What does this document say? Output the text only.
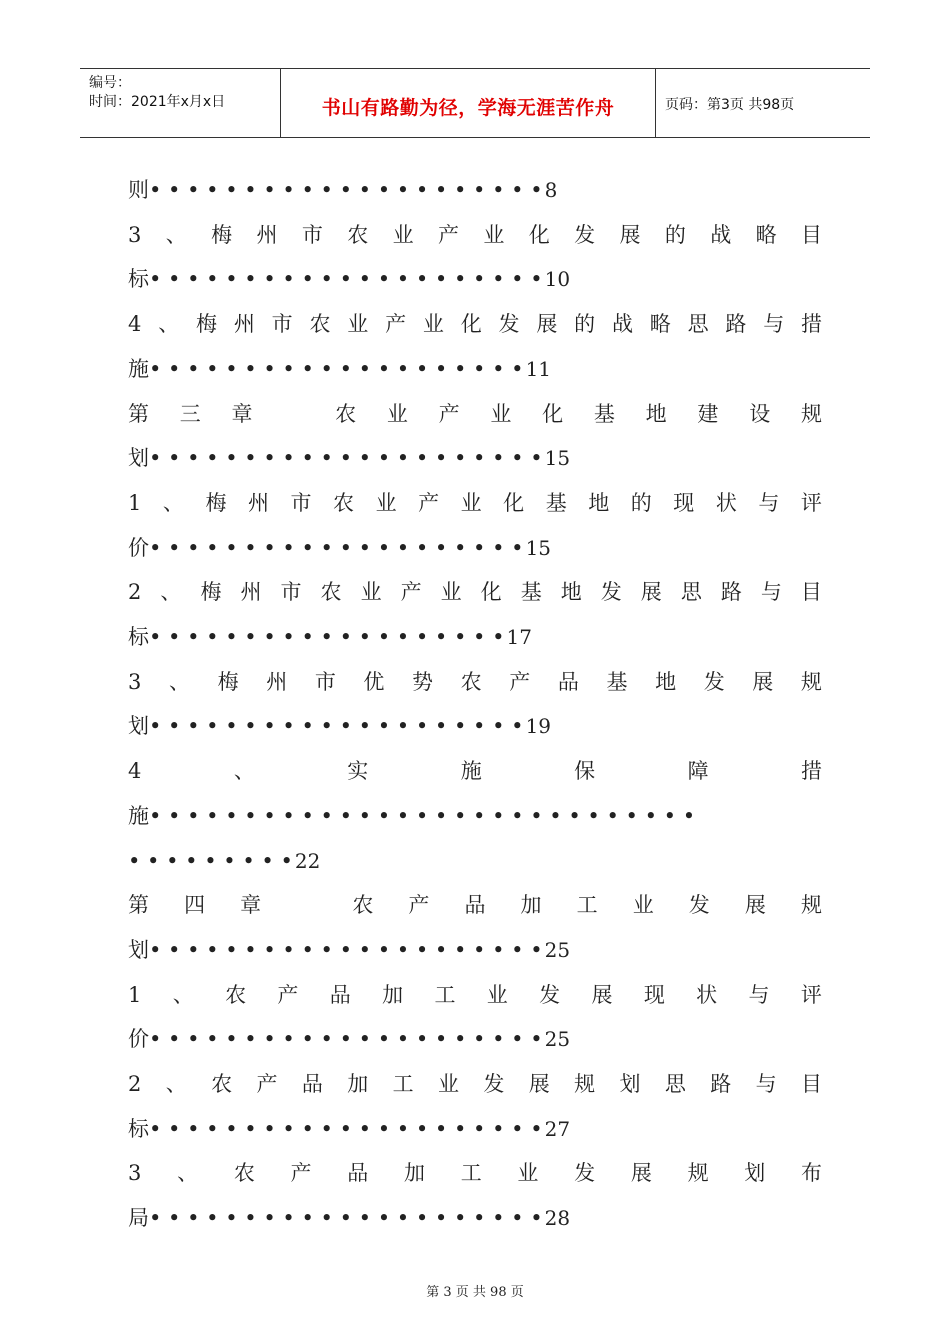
编号：
时间：2021年x月x日	书山有路勤为径，学海无涯苦作舟	页码：第3页 共98页
则 • • • • • • • • • • • • • • • • • • • • • 8
3 、 梅 州 市 农 业 产 业 化 发 展 的 战 略 目
标 • • • • • • • • • • • • • • • • • • • • • 10
4 、 梅 州 市 农 业 产 业 化 发 展 的 战 略 思 路 与 措
施 • • • • • • • • • • • • • • • • • • • • 11
第 三 章
　	农 业 产 业 化 基 地 建 设 规
划 • • • • • • • • • • • • • • • • • • • • • 15
1 、 梅 州 市 农 业 产 业 化 基 地 的 现 状 与 评
价 • • • • • • • • • • • • • • • • • • • • 15
2 、 梅 州 市 农 业 产 业 化 基 地 发 展 思 路 与 目
标 • • • • • • • • • • • • • • • • • • • 17
3 、 梅 州 市 优 势 农 产 品 基 地 发 展 规
划 • • • • • • • • • • • • • • • • • • • • 19
4	、	实	施	保	障	措
施 • • • • • • • • • • • • • • • • • • • • • • • • • • • • •
• • • • • • • • • 22
第 四 章
　	农 产 品 加 工 业 发 展 规
划 • • • • • • • • • • • • • • • • • • • • • 25
1 、 农 产 品 加 工 业 发 展 现 状 与 评
价 • • • • • • • • • • • • • • • • • • • • • 25
2 、 农 产 品 加 工 业 发 展 规 划 思 路 与 目
标 • • • • • • • • • • • • • • • • • • • • • 27
3 、 农 产 品 加 工 业 发 展 规 划 布
局 • • • • • • • • • • • • • • • • • • • • • 28
第 3 页 共 98 页
